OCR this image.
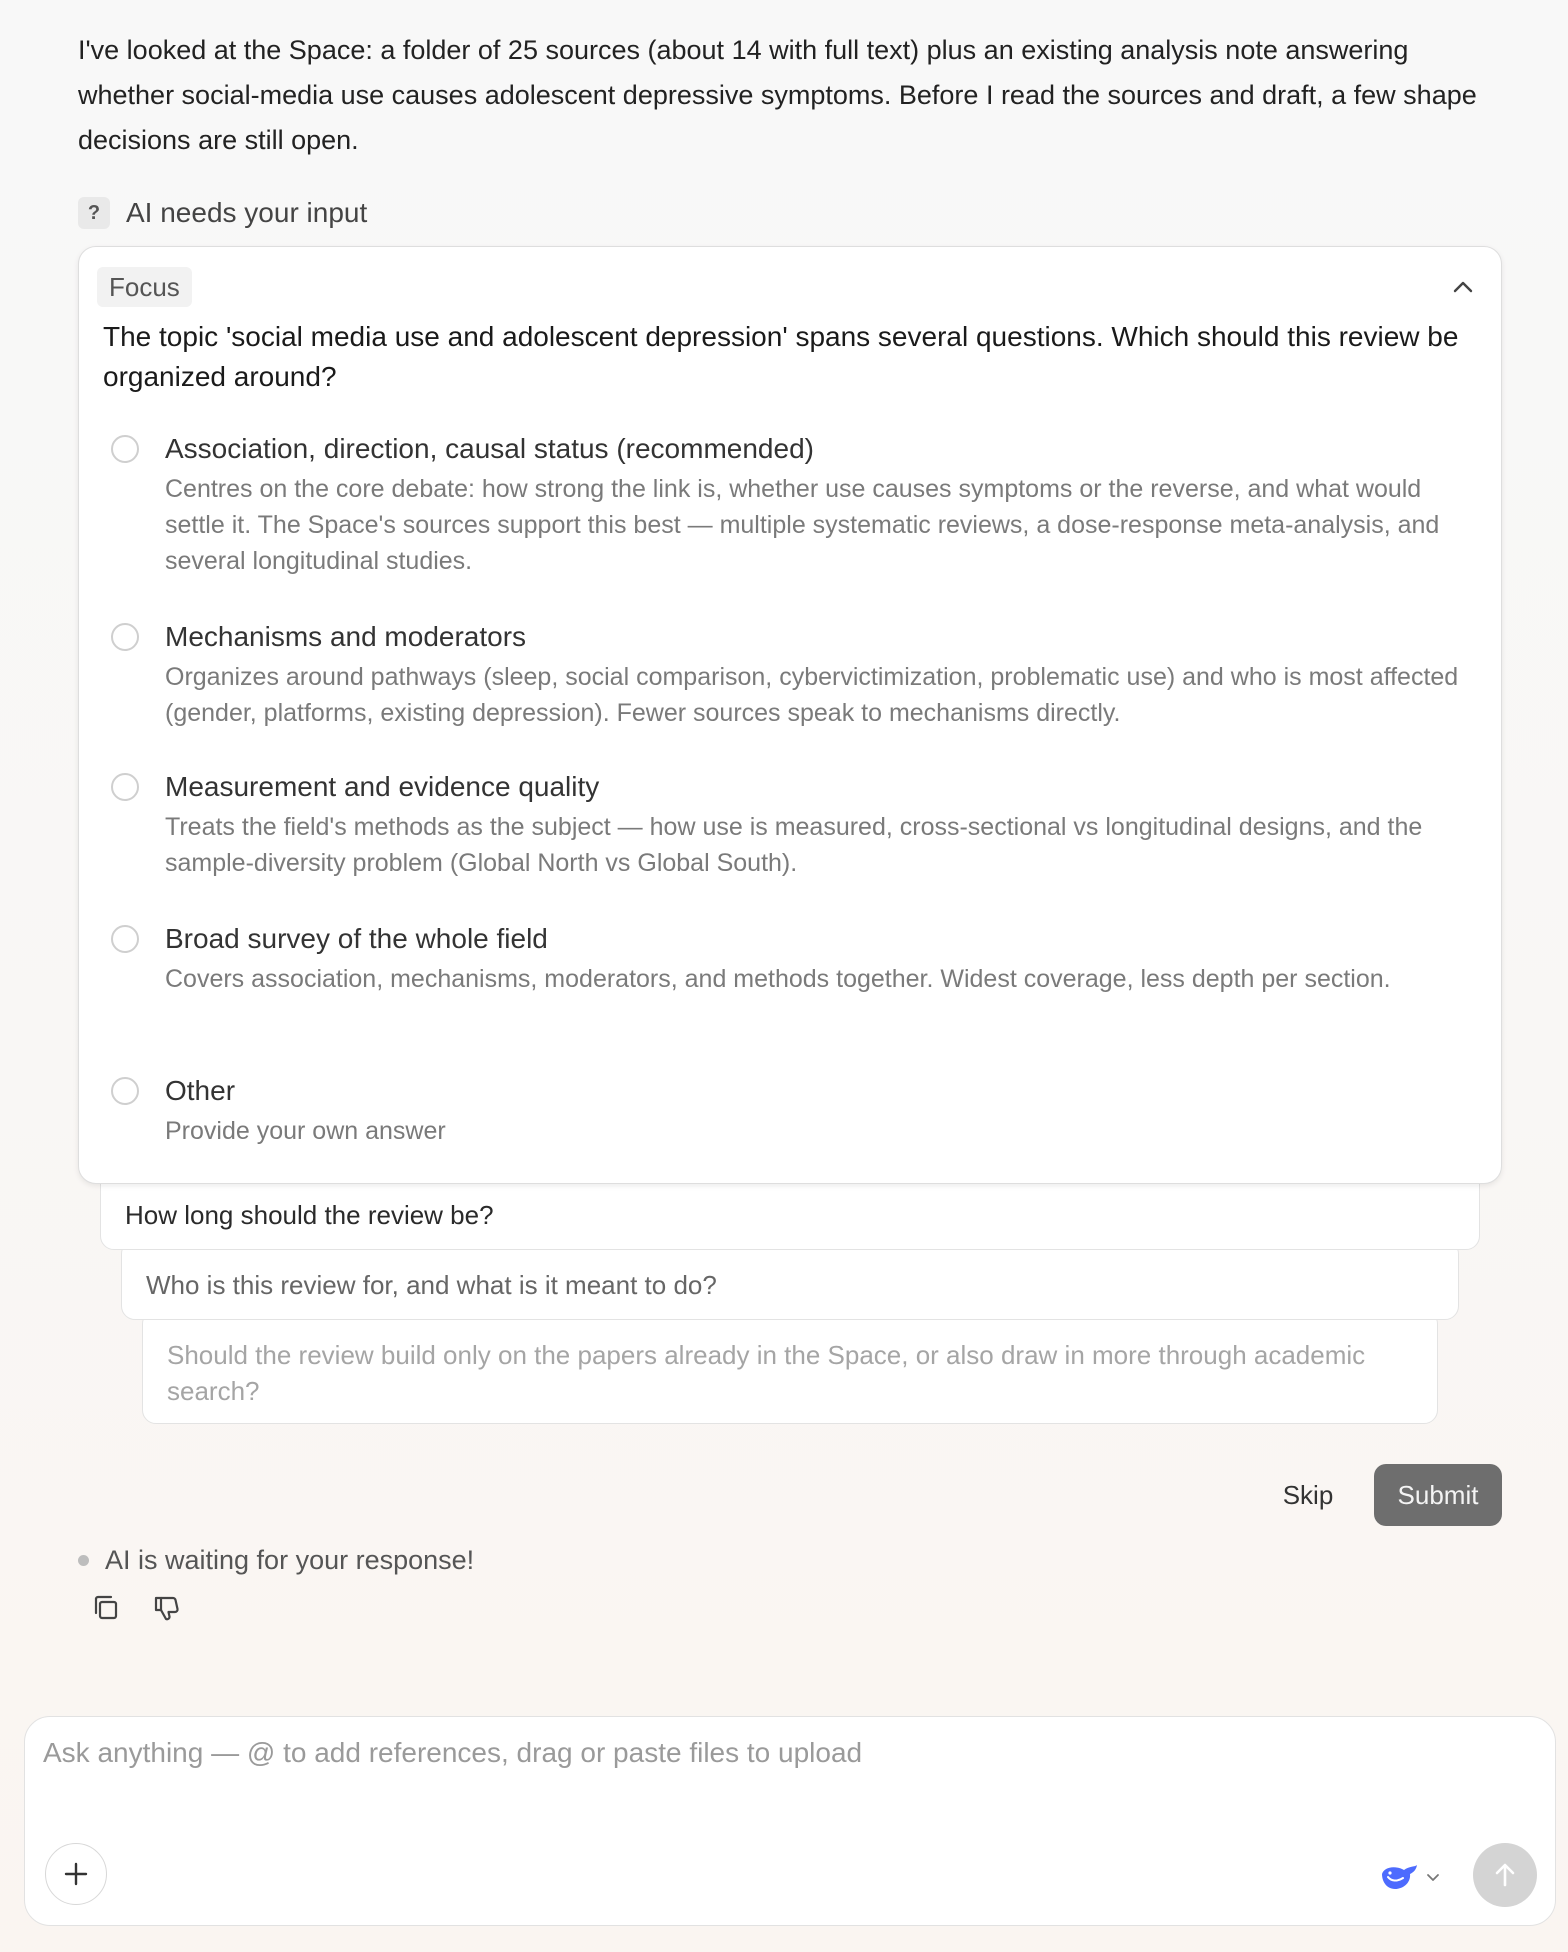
I've looked at the Space: a folder of 25 sources (about 14 with full text) plus an existing analysis note answering whether social-media use causes adolescent depressive symptoms. Before I read the sources and draft, a few shape decisions are still open.
? AI needs your input
Should the review build only on the papers already in the Space, or also draw in more through academic search?
Who is this review for, and what is it meant to do?
How long should the review be?
Focus
The topic 'social media use and adolescent depression' spans several questions. Which should this review be organized around?
Association, direction, causal status (recommended)
Centres on the core debate: how strong the link is, whether use causes symptoms or the reverse, and what would settle it. The Space's sources support this best — multiple systematic reviews, a dose-response meta-analysis, and several longitudinal studies.
Mechanisms and moderators
Organizes around pathways (sleep, social comparison, cybervictimization, problematic use) and who is most affected (gender, platforms, existing depression). Fewer sources speak to mechanisms directly.
Measurement and evidence quality
Treats the field's methods as the subject — how use is measured, cross-sectional vs longitudinal designs, and the sample-diversity problem (Global North vs Global South).
Broad survey of the whole field
Covers association, mechanisms, moderators, and methods together. Widest coverage, less depth per section.
Other
Provide your own answer
Skip	Submit
AI is waiting for your response!
Ask anything — @ to add references, drag or paste files to upload
